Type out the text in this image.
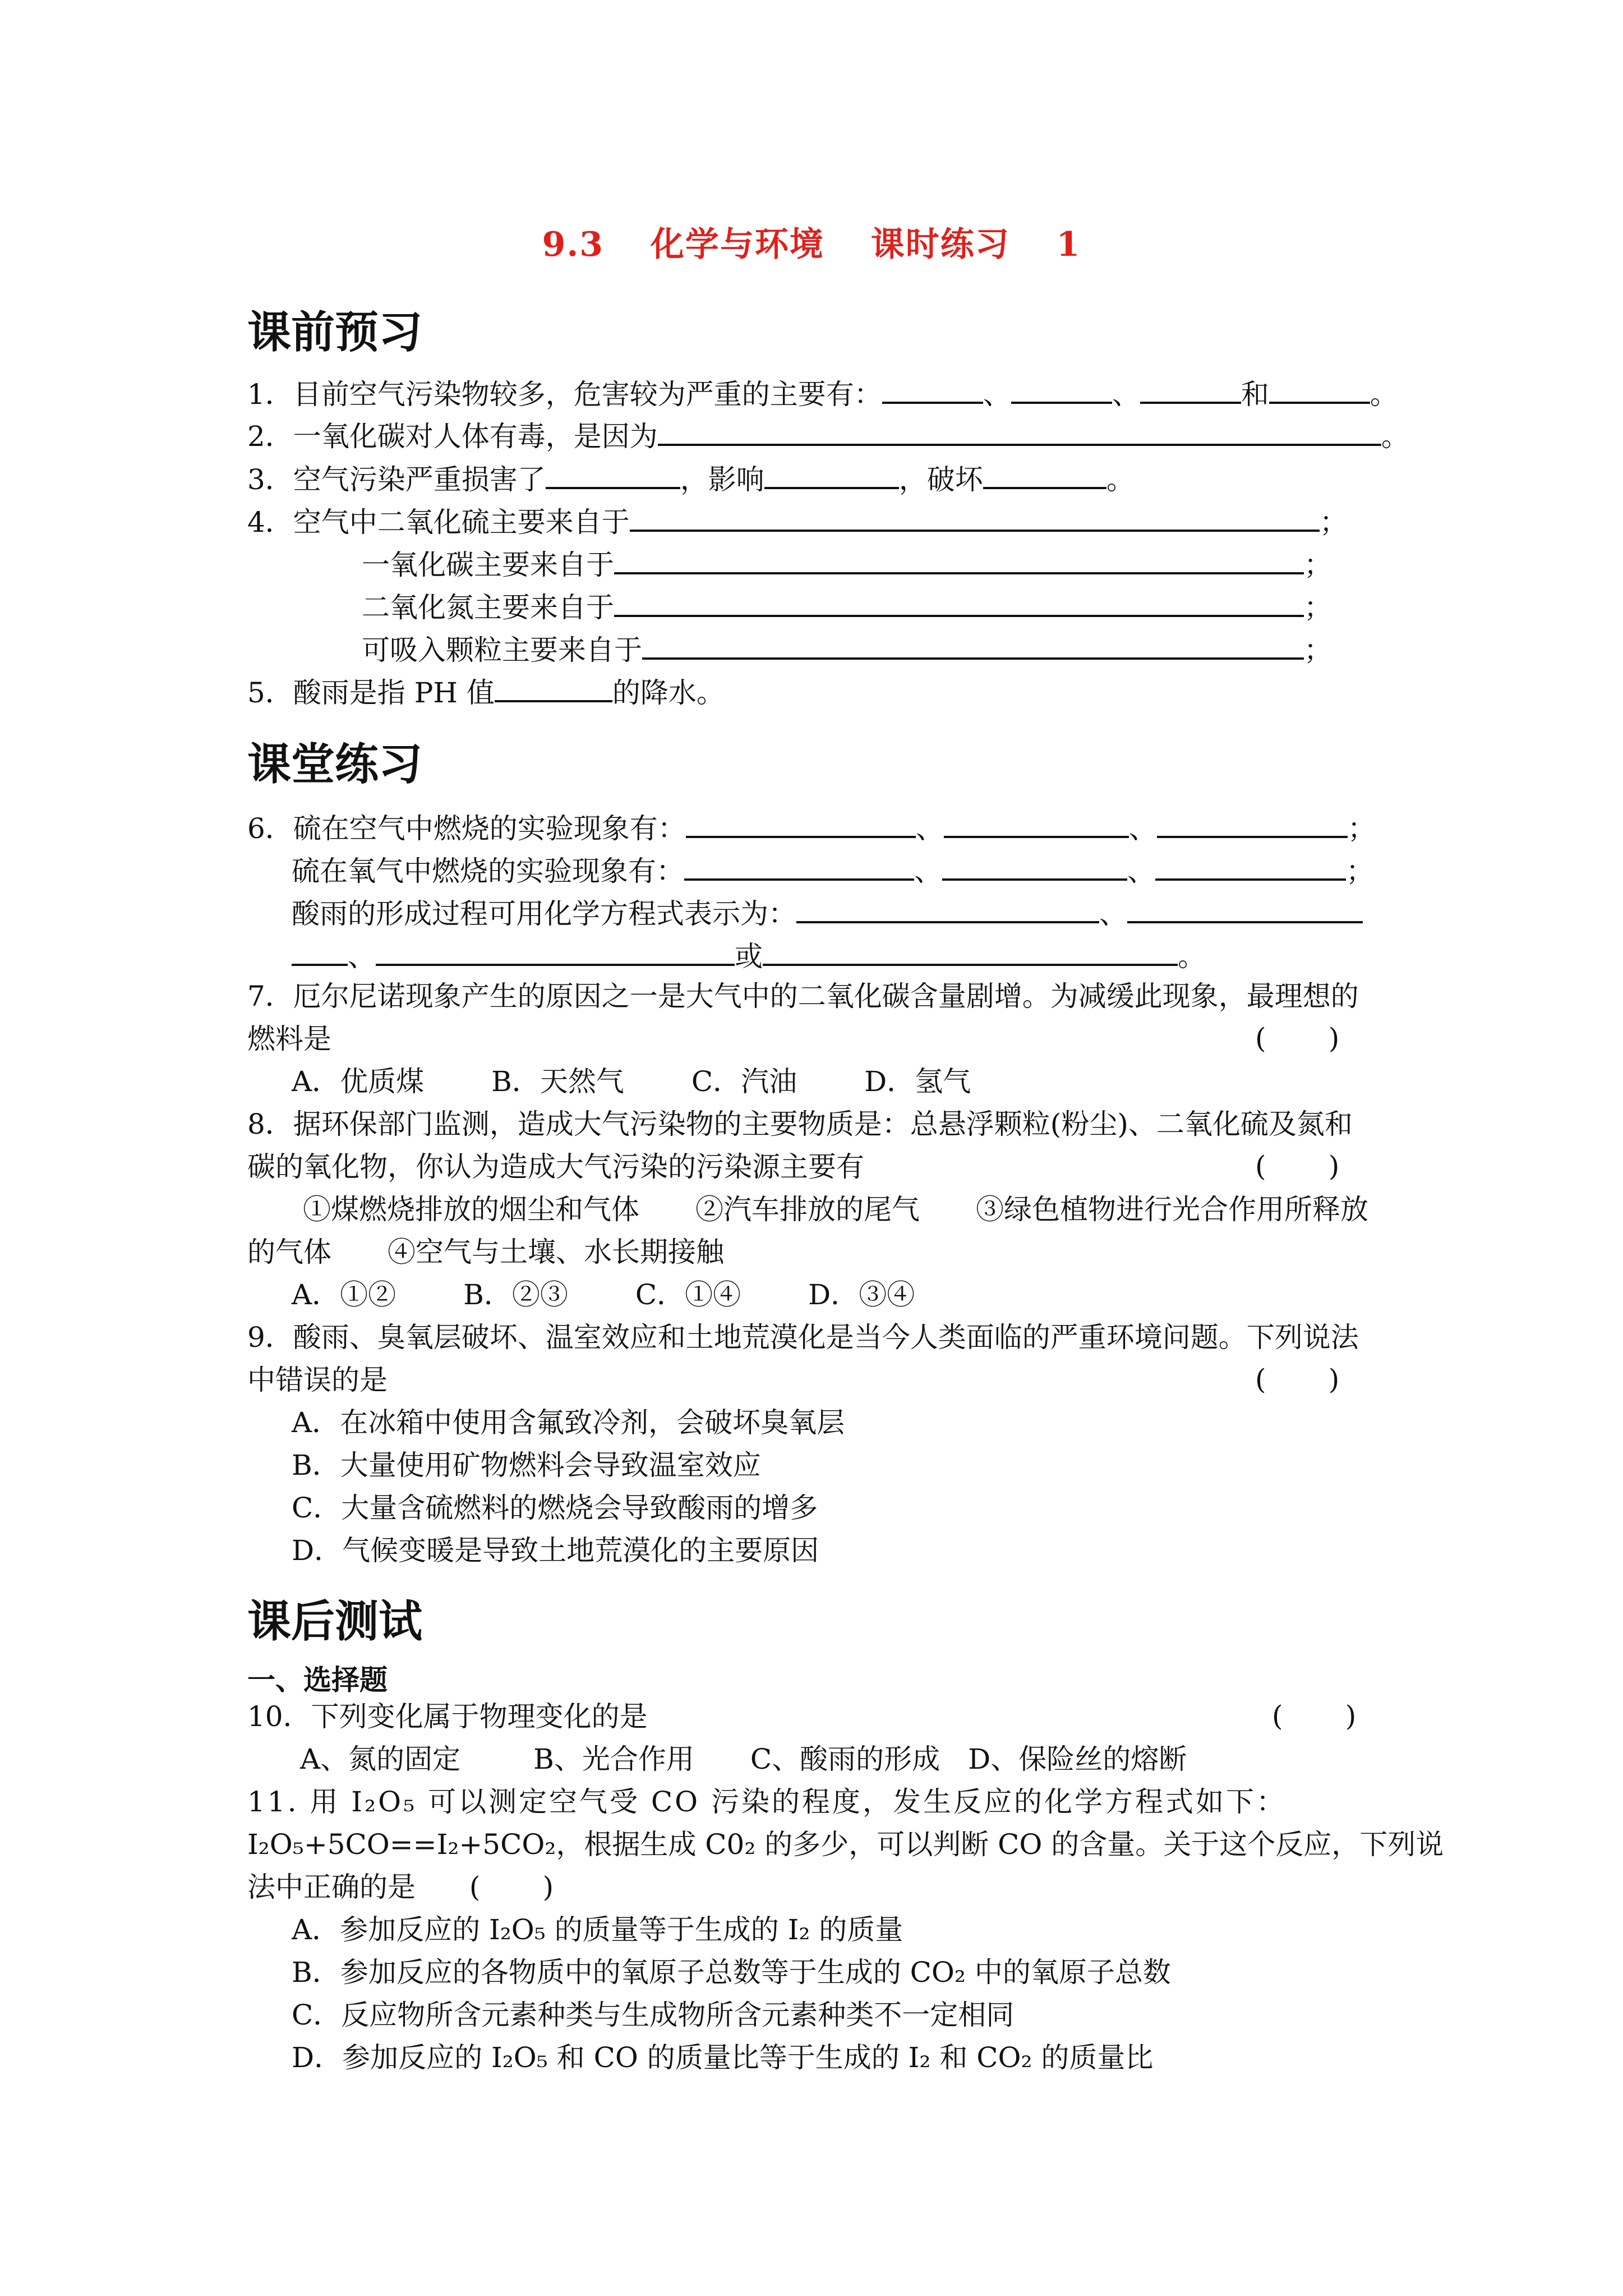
9.3 化学与环境 课时练习 1
课前预习
1．目前空气污染物较多，危害较为严重的主要有：	、	、	和	。
2．一氧化碳对人体有毒，是因为	。
3．空气污染严重损害了	，影响	，破坏	。
4．空气中二氧化硫主要来自于	；
一氧化碳主要来自于	；
二氧化氮主要来自于	；
可吸入颗粒主要来自于	；
5．酸雨是指 PH 值	的降水。
课堂练习
6．硫在空气中燃烧的实验现象有：	、	、	；
硫在氧气中燃烧的实验现象有：	、	、	；
酸雨的形成过程可用化学方程式表示为：	、
、	或	。
7．厄尔尼诺现象产生的原因之一是大气中的二氧化碳含量剧增。为减缓此现象，最理想的
燃料是	(       )
A．优质煤 B．天然气 C．汽油 D．氢气
8．据环保部门监测，造成大气污染物的主要物质是：总悬浮颗粒(粉尘)、二氧化硫及氮和
碳的氧化物，你认为造成大气污染的污染源主要有	(       )
①煤燃烧排放的烟尘和气体　　②汽车排放的尾气　　③绿色植物进行光合作用所释放
的气体　　④空气与土壤、水长期接触
A．①② B．②③ C．①④ D．③④
9．酸雨、臭氧层破坏、温室效应和土地荒漠化是当今人类面临的严重环境问题。下列说法
中错误的是	(       )
A．在冰箱中使用含氟致冷剂，会破坏臭氧层
B．大量使用矿物燃料会导致温室效应
C．大量含硫燃料的燃烧会导致酸雨的增多
D．气候变暖是导致土地荒漠化的主要原因
课后测试
一、选择题
10．下列变化属于物理变化的是	(       )
A、氮的固定	B、光合作用 C、酸雨的形成 D、保险丝的熔断
11. 用 I₂O₅ 可以测定空气受 CO 污染的程度，发生反应的化学方程式如下：
I₂O₅+5CO==I₂+5CO₂，根据生成 C0₂ 的多少，可以判断 CO 的含量。关于这个反应，下列说
法中正确的是 (       )
A．参加反应的 I₂O₅ 的质量等于生成的 I₂ 的质量
B．参加反应的各物质中的氧原子总数等于生成的 CO₂ 中的氧原子总数
C．反应物所含元素种类与生成物所含元素种类不一定相同
D．参加反应的 I₂O₅ 和 CO 的质量比等于生成的 I₂ 和 CO₂ 的质量比
